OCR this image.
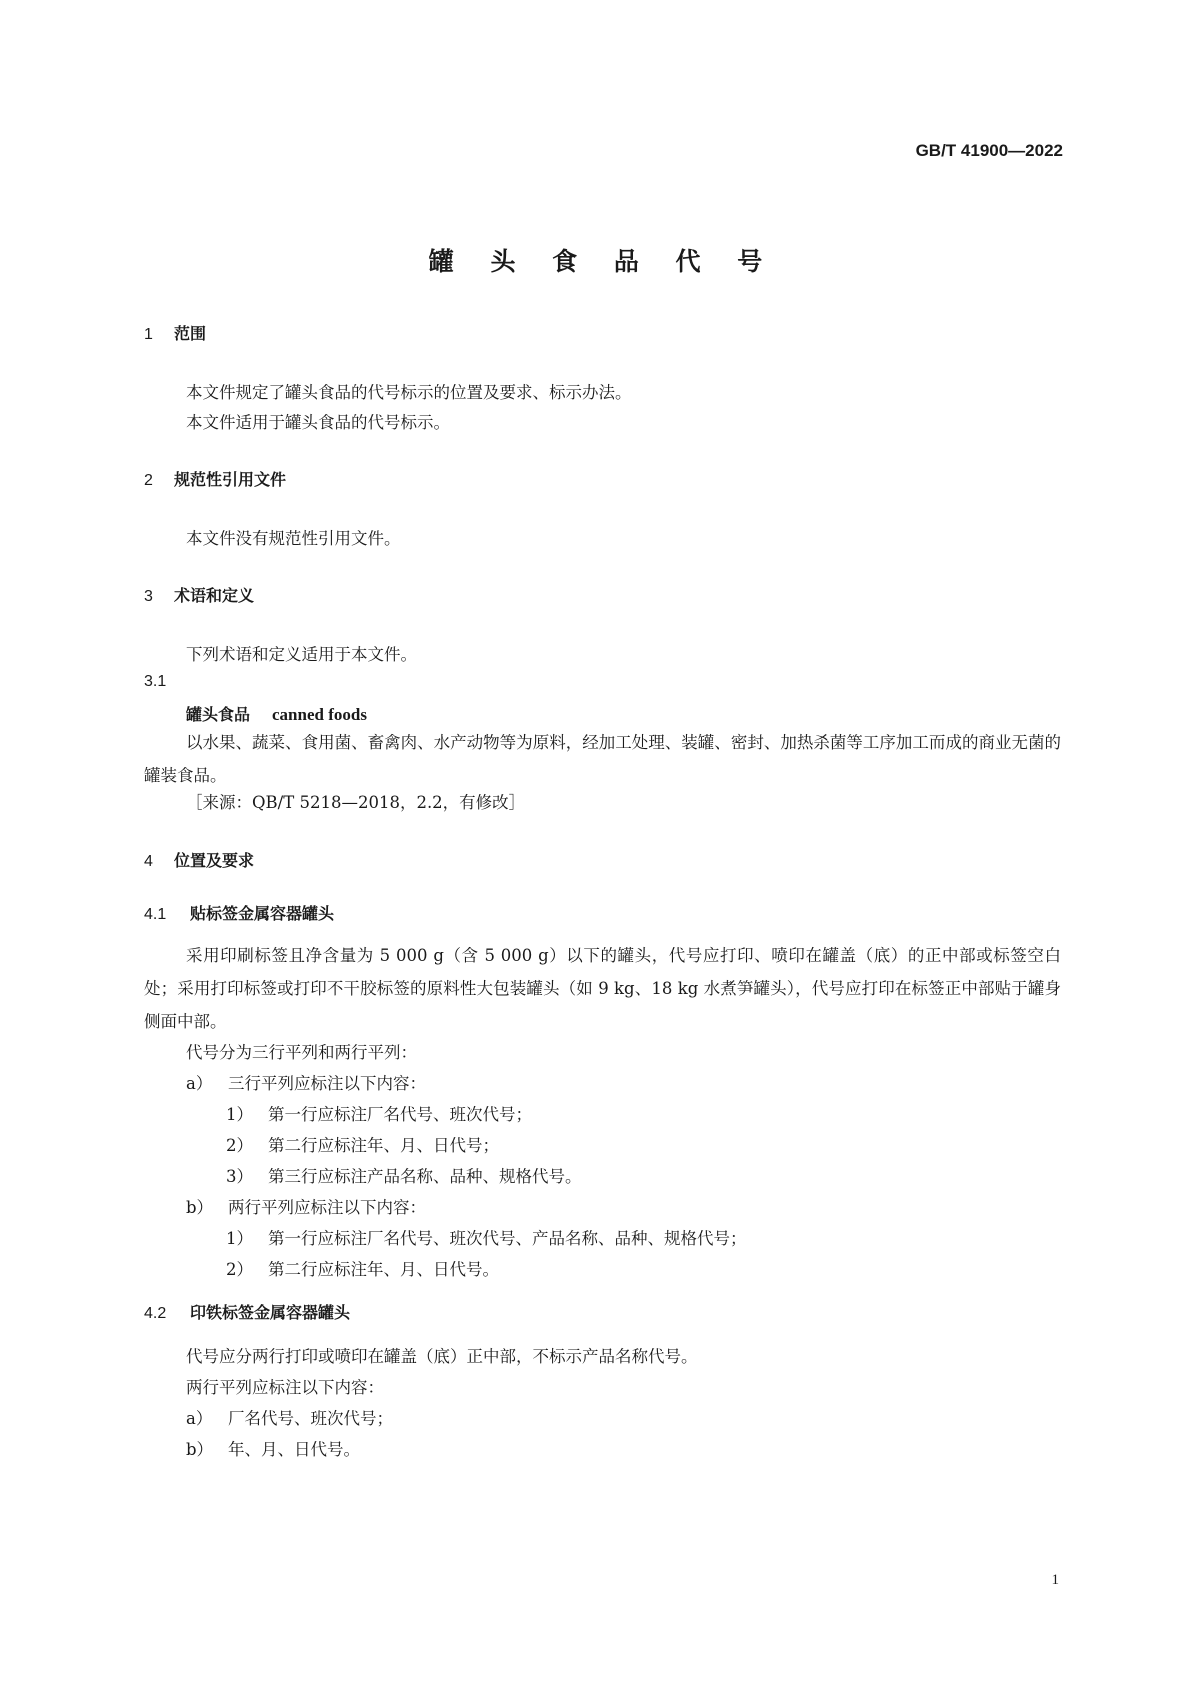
GB/T 41900—2022
罐 头 食 品 代 号
1 范围
本文件规定了罐头食品的代号标示的位置及要求、标示办法。
本文件适用于罐头食品的代号标示。
2 规范性引用文件
本文件没有规范性引用文件。
3 术语和定义
下列术语和定义适用于本文件。
3.1
罐头食品 canned foods
以水果、蔬菜、食用菌、畜禽肉、水产动物等为原料，经加工处理、装罐、密封、加热杀菌等工序加工而成的商业无菌的罐装食品。
［来源：QB/T 5218—2018，2.2，有修改］
4 位置及要求
4.1 贴标签金属容器罐头
采用印刷标签且净含量为 5 000 g（含 5 000 g）以下的罐头，代号应打印、喷印在罐盖（底）的正中部或标签空白处；采用打印标签或打印不干胶标签的原料性大包装罐头（如 9 kg、18 kg 水煮笋罐头），代号应打印在标签正中部贴于罐身侧面中部。
代号分为三行平列和两行平列：
a） 三行平列应标注以下内容：
1） 第一行应标注厂名代号、班次代号；
2） 第二行应标注年、月、日代号；
3） 第三行应标注产品名称、品种、规格代号。
b） 两行平列应标注以下内容：
1） 第一行应标注厂名代号、班次代号、产品名称、品种、规格代号；
2） 第二行应标注年、月、日代号。
4.2 印铁标签金属容器罐头
代号应分两行打印或喷印在罐盖（底）正中部，不标示产品名称代号。
两行平列应标注以下内容：
a） 厂名代号、班次代号；
b） 年、月、日代号。
1
